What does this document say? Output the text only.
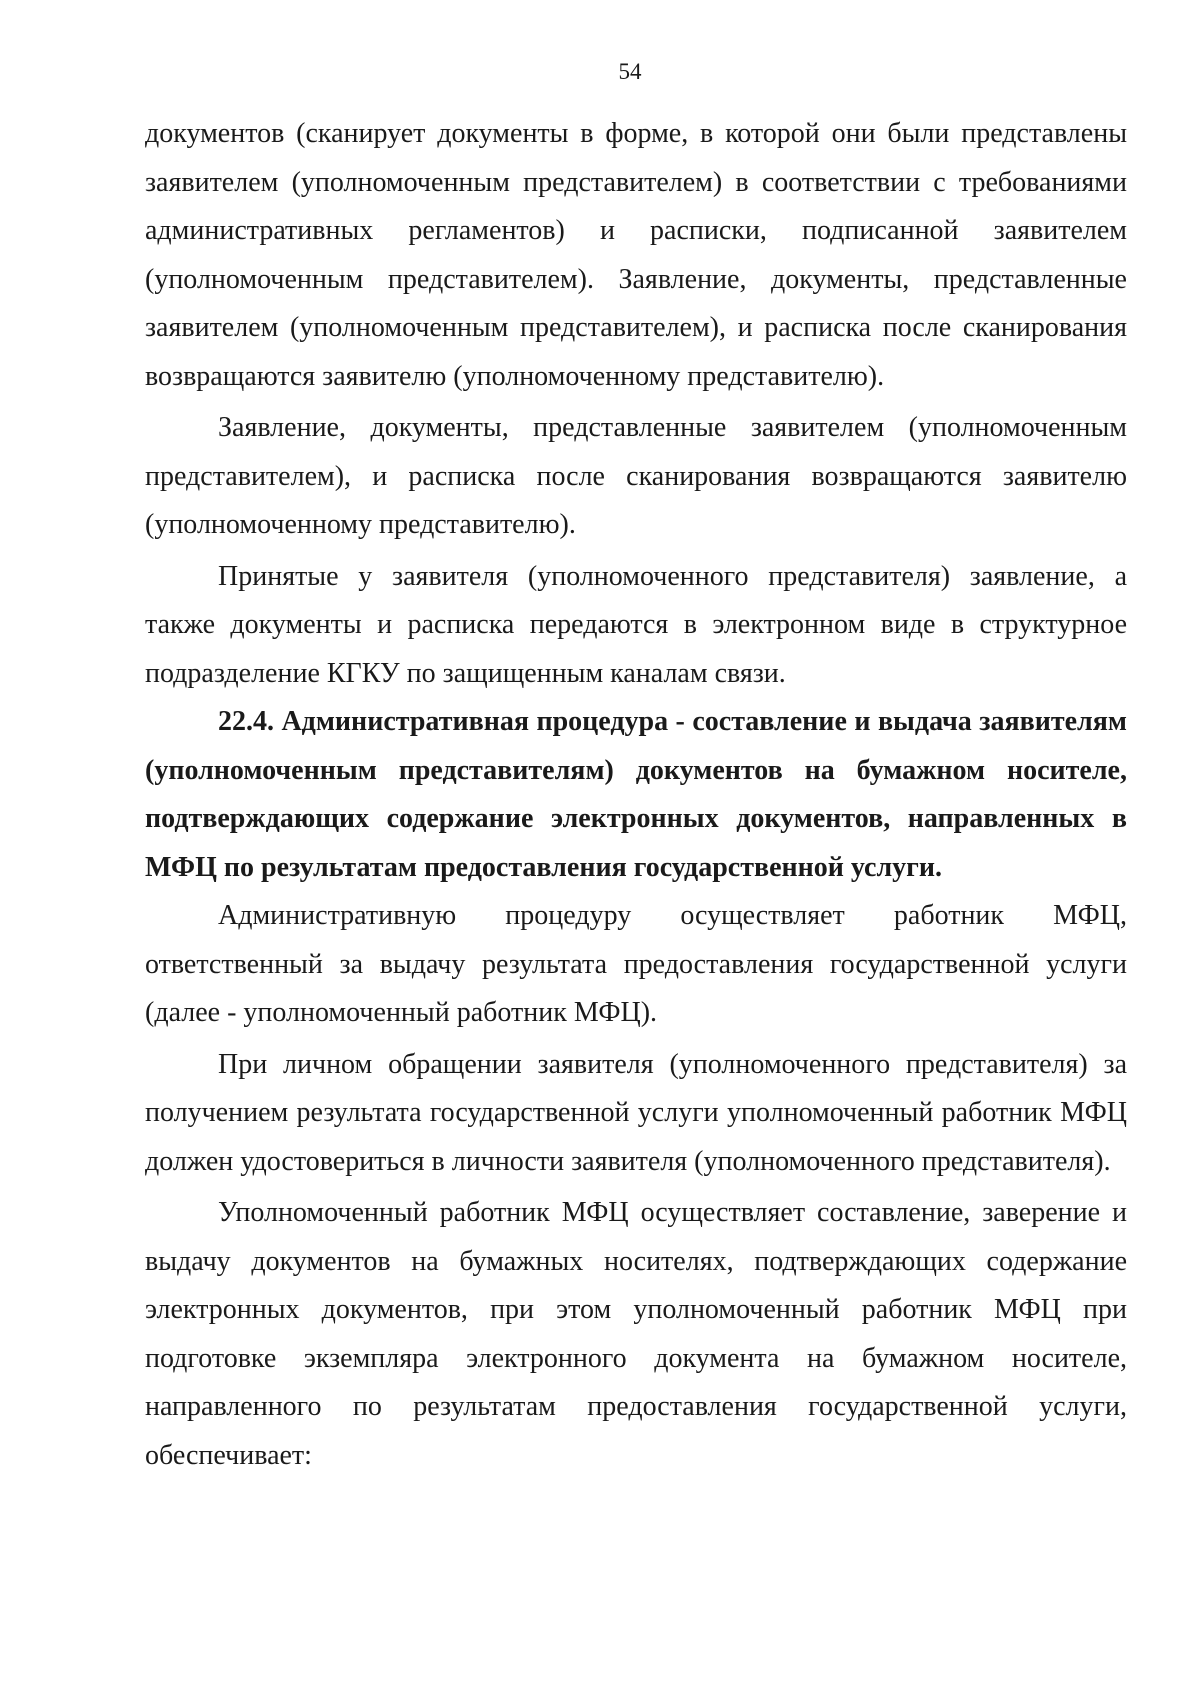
54

документов (сканирует документы в форме, в которой они были представлены заявителем (уполномоченным представителем) в соответствии с требованиями административных регламентов) и расписки, подписанной заявителем (уполномоченным представителем). Заявление, документы, представленные заявителем (уполномоченным представителем), и расписка после сканирования возвращаются заявителю (уполномоченному представителю).

Заявление, документы, представленные заявителем (уполномоченным представителем), и расписка после сканирования возвращаются заявителю (уполномоченному представителю).

Принятые у заявителя (уполномоченного представителя) заявление, а также документы и расписка передаются в электронном виде в структурное подразделение КГКУ по защищенным каналам связи.

22.4. Административная процедура - составление и выдача заявителям (уполномоченным представителям) документов на бумажном носителе, подтверждающих содержание электронных документов, направленных в МФЦ по результатам предоставления государственной услуги.

Административную процедуру осуществляет работник МФЦ, ответственный за выдачу результата предоставления государственной услуги (далее - уполномоченный работник МФЦ).

При личном обращении заявителя (уполномоченного представителя) за получением результата государственной услуги уполномоченный работник МФЦ должен удостовериться в личности заявителя (уполномоченного представителя).

Уполномоченный работник МФЦ осуществляет составление, заверение и выдачу документов на бумажных носителях, подтверждающих содержание электронных документов, при этом уполномоченный работник МФЦ при подготовке экземпляра электронного документа на бумажном носителе, направленного по результатам предоставления государственной услуги, обеспечивает:
